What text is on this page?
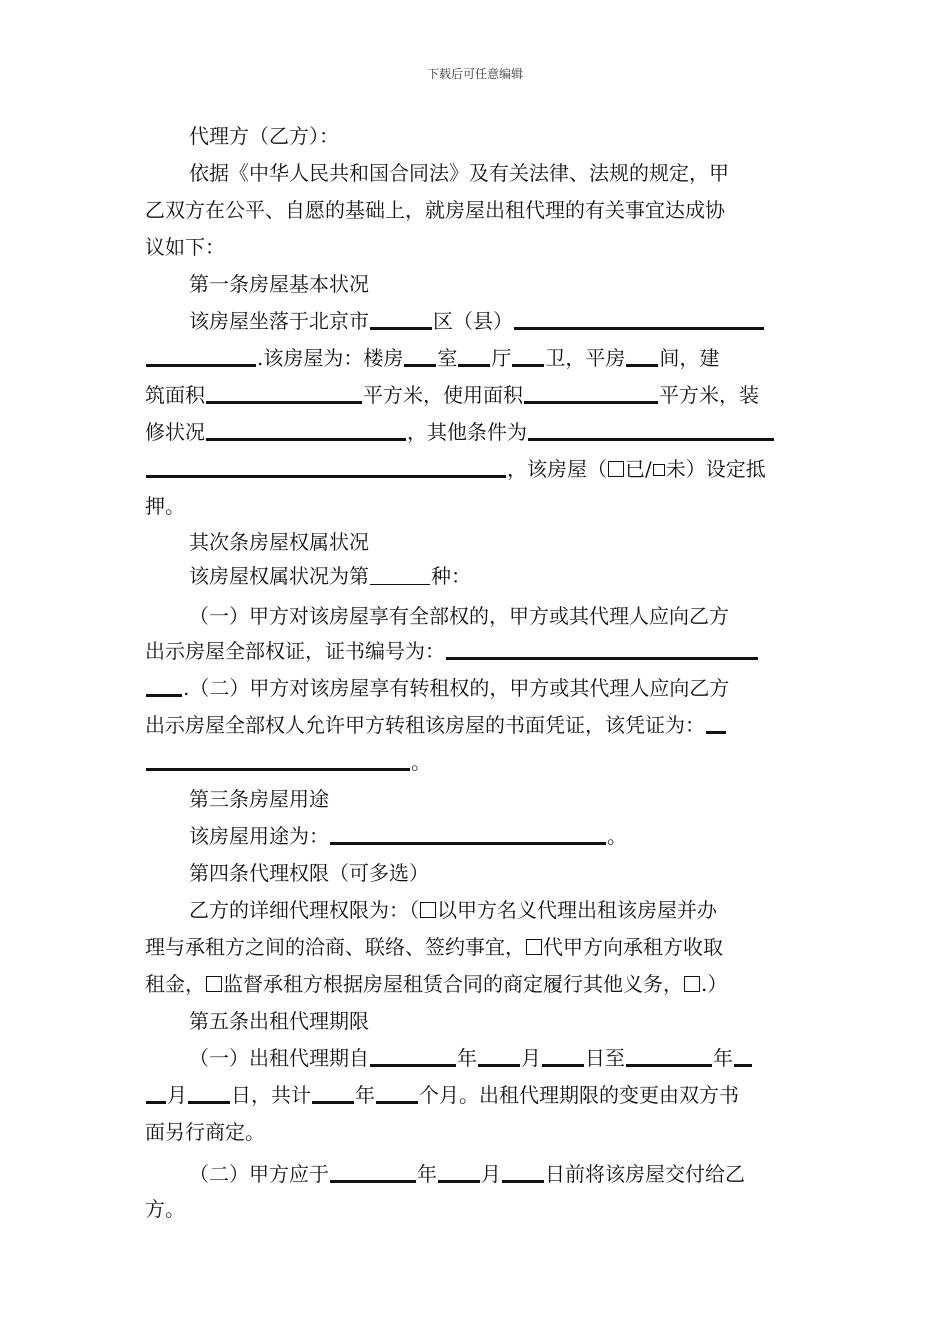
下载后可任意编辑
代理方（乙方）：
依据《中华人民共和国合同法》及有关法律、法规的规定，甲
乙双方在公平、自愿的基础上，就房屋出租代理的有关事宜达成协
议如下：
第一条房屋基本状况
该房屋坐落于北京市	区（县）
.该房屋为：楼房 室 厅 卫，平房 间，建
筑面积	平方米，使用面积	平方米，装
修状况	，其他条件为
，该房屋（ 已/ 未）设定抵
押。
其次条房屋权属状况
该房屋权属状况为第	种：
（一）甲方对该房屋享有全部权的，甲方或其代理人应向乙方
出示房屋全部权证，证书编号为：
.（二）甲方对该房屋享有转租权的，甲方或其代理人应向乙方
出示房屋全部权人允许甲方转租该房屋的书面凭证，该凭证为：
。
第三条房屋用途
该房屋用途为：	。
第四条代理权限（可多选）
乙方的详细代理权限为：（ 以甲方名义代理出租该房屋并办
理与承租方之间的洽商、联络、签约事宜， 代甲方向承租方收取
租金， 监督承租方根据房屋租赁合同的商定履行其他义务， .）
第五条出租代理期限
（一）出租代理期自	年 月 日至	年
月 日，共计 年 个月。出租代理期限的变更由双方书
面另行商定。
（二）甲方应于	年 月 日前将该房屋交付给乙
方。
